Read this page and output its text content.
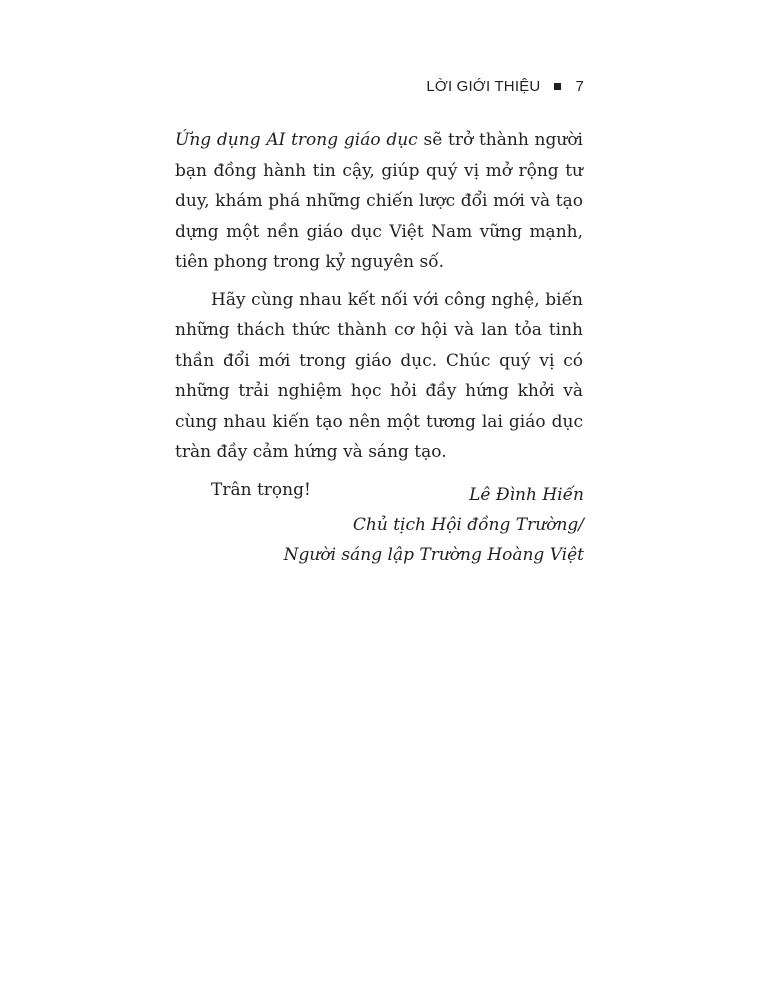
LỜI GIỚI THIỆU 7

Ứng dụng AI trong giáo dục sẽ trở thành người bạn đồng hành tin cậy, giúp quý vị mở rộng tư duy, khám phá những chiến lược đổi mới và tạo dựng một nền giáo dục Việt Nam vững mạnh, tiên phong trong kỷ nguyên số.

Hãy cùng nhau kết nối với công nghệ, biến những thách thức thành cơ hội và lan tỏa tinh thần đổi mới trong giáo dục. Chúc quý vị có những trải nghiệm học hỏi đầy hứng khởi và cùng nhau kiến tạo nên một tương lai giáo dục tràn đầy cảm hứng và sáng tạo.

Trân trọng!	Lê Đình Hiến
Chủ tịch Hội đồng Trường/
Người sáng lập Trường Hoàng Việt
